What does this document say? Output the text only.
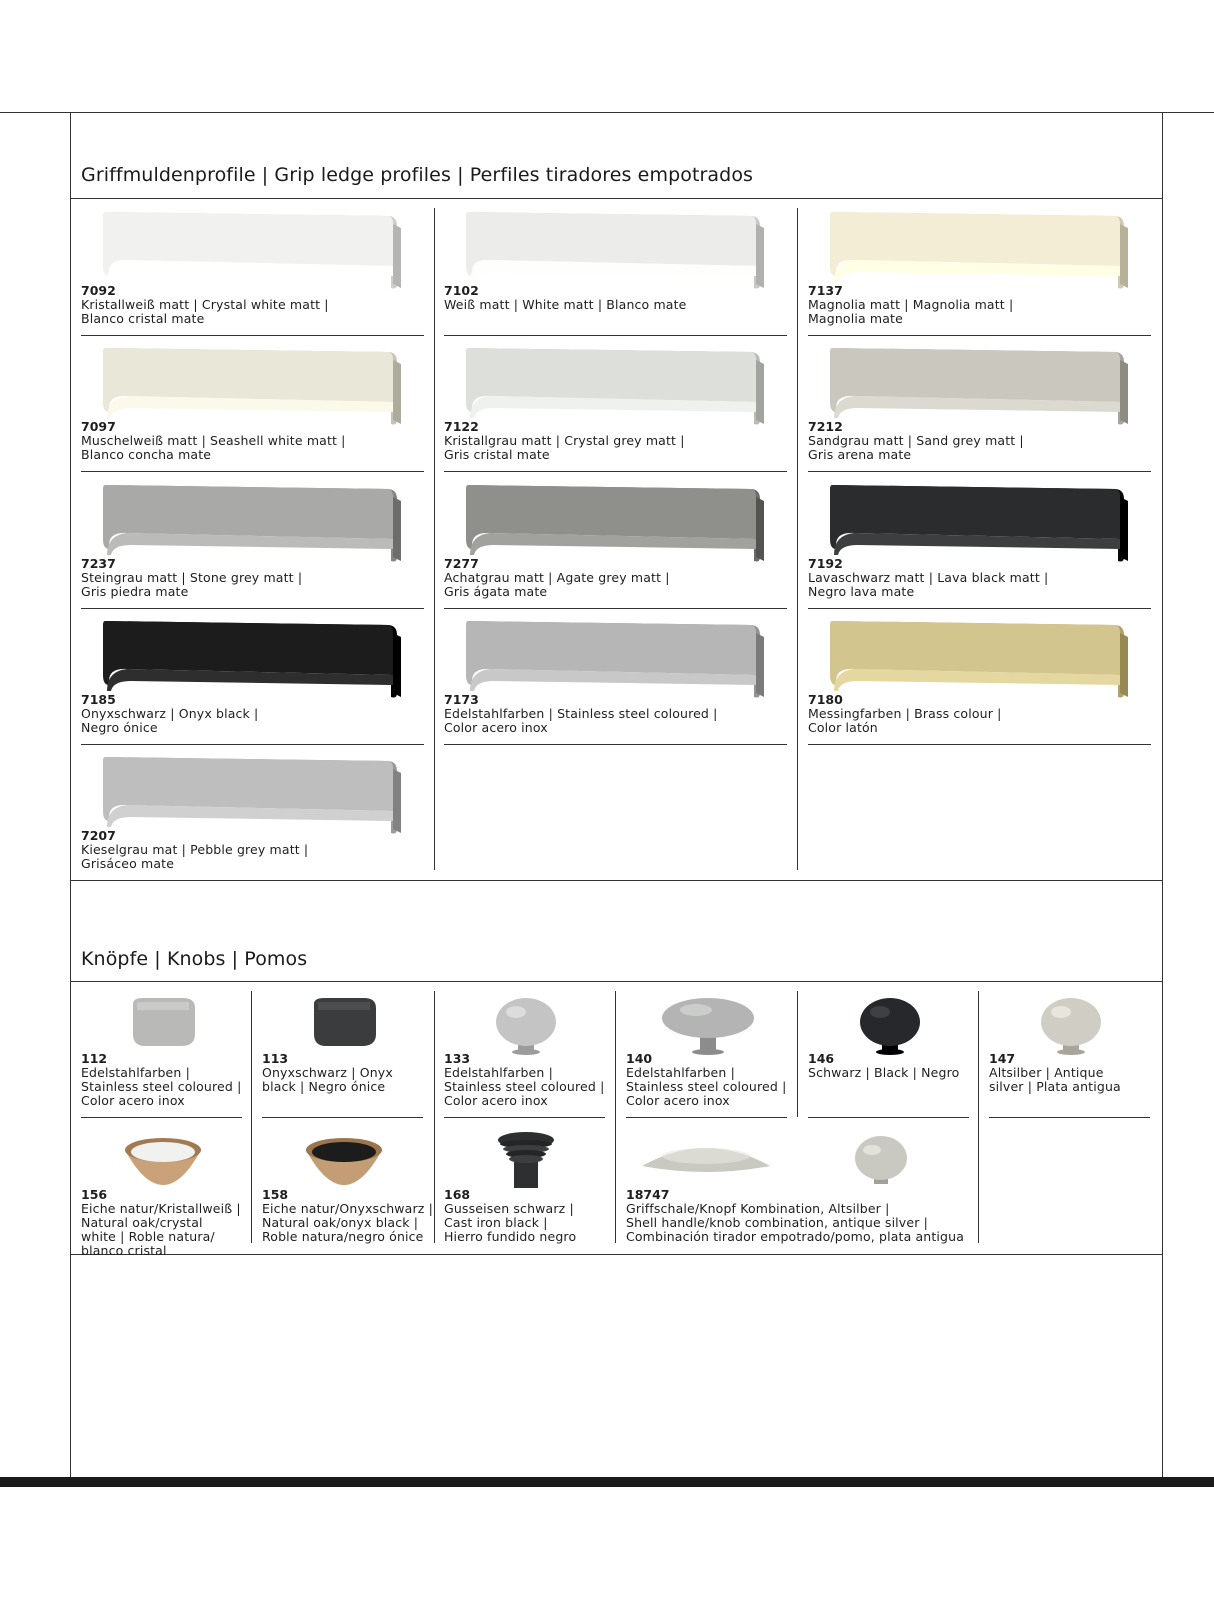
Griffmuldenprofile | Grip ledge profiles | Perfiles tiradores empotrados
7092
Kristallweiß matt | Crystal white matt |
Blanco cristal mate
7102
Weiß matt | White matt | Blanco mate
7137
Magnolia matt | Magnolia matt |
Magnolia mate
7097
Muschelweiß matt | Seashell white matt |
Blanco concha mate
7122
Kristallgrau matt | Crystal grey matt |
Gris cristal mate
7212
Sandgrau matt | Sand grey matt |
Gris arena mate
7237
Steingrau matt | Stone grey matt |
Gris piedra mate
7277
Achatgrau matt | Agate grey matt |
Gris ágata mate
7192
Lavaschwarz matt | Lava black matt |
Negro lava mate
7185
Onyxschwarz | Onyx black |
Negro ónice
7173
Edelstahlfarben | Stainless steel coloured |
Color acero inox
7180
Messingfarben | Brass colour |
Color latón
7207
Kieselgrau mat | Pebble grey matt |
Grisáceo mate
Knöpfe | Knobs | Pomos
112
Edelstahlfarben |
Stainless steel coloured |
Color acero inox
113
Onyxschwarz | Onyx
black | Negro ónice
133
Edelstahlfarben |
Stainless steel coloured |
Color acero inox
140
Edelstahlfarben |
Stainless steel coloured |
Color acero inox
146
Schwarz | Black | Negro
147
Altsilber | Antique
silver | Plata antigua
156
Eiche natur/Kristallweiß |
Natural oak/crystal
white | Roble natura/
blanco cristal
158
Eiche natur/Onyxschwarz |
Natural oak/onyx black |
Roble natura/negro ónice
168
Gusseisen schwarz |
Cast iron black |
Hierro fundido negro
18747
Griffschale/Knopf Kombination, Altsilber |
Shell handle/knob combination, antique silver |
Combinación tirador empotrado/pomo, plata antigua
